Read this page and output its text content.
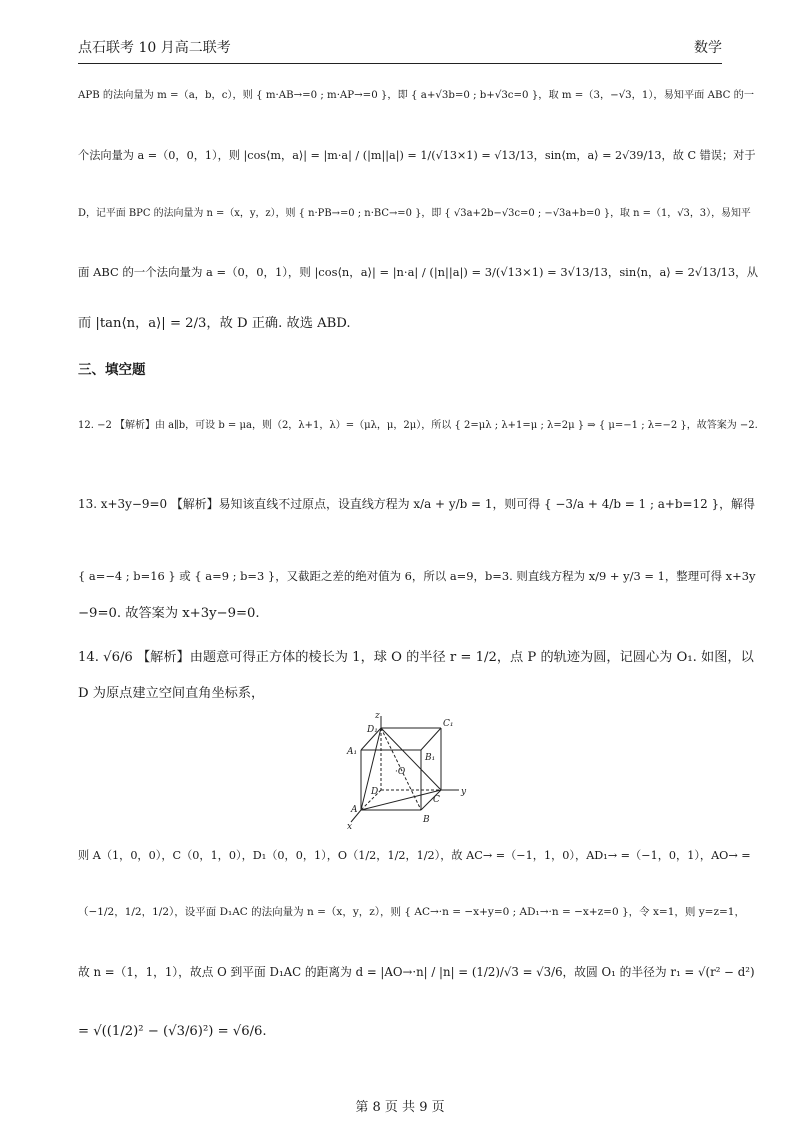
点石联考 10 月高二联考	数学
APB 的法向量为 m =（a，b，c），则 { m·AB→=0 ; m·AP→=0 }，即 { a+√3b=0 ; b+√3c=0 }，取 m =（3，−√3，1），易知平面 ABC 的一
个法向量为 a =（0，0，1），则 |cos⟨m，a⟩| = |m·a| / (|m||a|) = 1/(√13×1) = √13/13，sin⟨m，a⟩ = 2√39/13，故 C 错误；对于
D，记平面 BPC 的法向量为 n =（x，y，z），则 { n·PB→=0 ; n·BC→=0 }，即 { √3a+2b−√3c=0 ; −√3a+b=0 }，取 n =（1，√3，3），易知平
面 ABC 的一个法向量为 a =（0，0，1），则 |cos⟨n，a⟩| = |n·a| / (|n||a|) = 3/(√13×1) = 3√13/13，sin⟨n，a⟩ = 2√13/13，从
而 |tan⟨n，a⟩| = 2/3，故 D 正确. 故选 ABD.
三、填空题
12. −2 【解析】由 a∥b，可设 b = μa，则（2，λ+1，λ）=（μλ，μ，2μ），所以 { 2=μλ ; λ+1=μ ; λ=2μ } ⇒ { μ=−1 ; λ=−2 }，故答案为 −2.
13. x+3y−9=0 【解析】易知该直线不过原点，设直线方程为 x/a + y/b = 1，则可得 { −3/a + 4/b = 1 ; a+b=12 }，解得
{ a=−4 ; b=16 } 或 { a=9 ; b=3 }，又截距之差的绝对值为 6，所以 a=9，b=3. 则直线方程为 x/9 + y/3 = 1，整理可得 x+3y
−9=0. 故答案为 x+3y−9=0.
14. √6/6 【解析】由题意可得正方体的棱长为 1，球 O 的半径 r = 1/2，点 P 的轨迹为圆，记圆心为 O₁. 如图，以
D 为原点建立空间直角坐标系，
z
y
x
D₁
C₁
A₁
B₁
·O
D
C
A
B
则 A（1，0，0），C（0，1，0），D₁（0，0，1），O（1/2，1/2，1/2），故 AC→ =（−1，1，0），AD₁→ =（−1，0，1），AO→ =
（−1/2，1/2，1/2），设平面 D₁AC 的法向量为 n =（x，y，z），则 { AC→·n = −x+y=0 ; AD₁→·n = −x+z=0 }，令 x=1，则 y=z=1，
故 n =（1，1，1），故点 O 到平面 D₁AC 的距离为 d = |AO→·n| / |n| = (1/2)/√3 = √3/6，故圆 O₁ 的半径为 r₁ = √(r² − d²)
= √((1/2)² − (√3/6)²) = √6/6.
第 8 页 共 9 页
